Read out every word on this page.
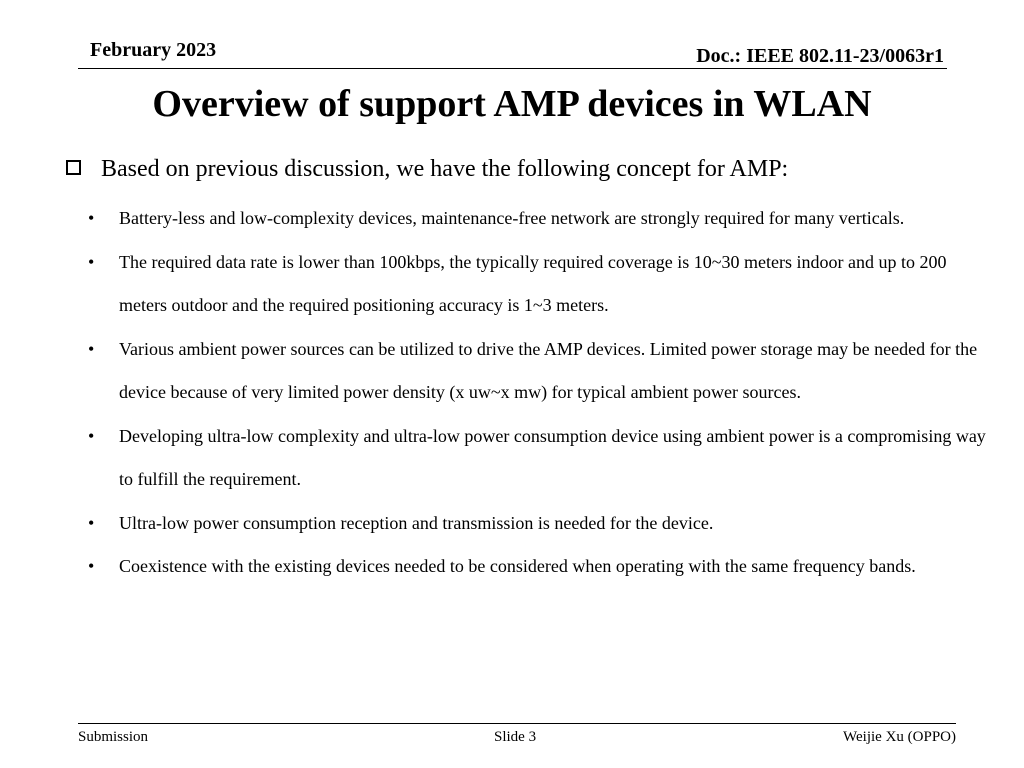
February 2023	Doc.: IEEE 802.11-23/0063r1
Overview of support AMP devices in WLAN
Based on previous discussion, we have the following concept for AMP:
• Battery-less and low-complexity devices, maintenance-free network are strongly required for many verticals.
• The required data rate is lower than 100kbps, the typically required coverage is 10~30 meters indoor and up to 200 meters outdoor and the required positioning accuracy is 1~3 meters.
• Various ambient power sources can be utilized to drive the AMP devices. Limited power storage may be needed for the device because of very limited power density (x uw~x mw) for typical ambient power sources.
• Developing ultra-low complexity and ultra-low power consumption device using ambient power is a compromising way to fulfill the requirement.
• Ultra-low power consumption reception and transmission is needed for the device.
• Coexistence with the existing devices needed to be considered when operating with the same frequency bands.
Submission	Slide 3	Weijie Xu (OPPO)
